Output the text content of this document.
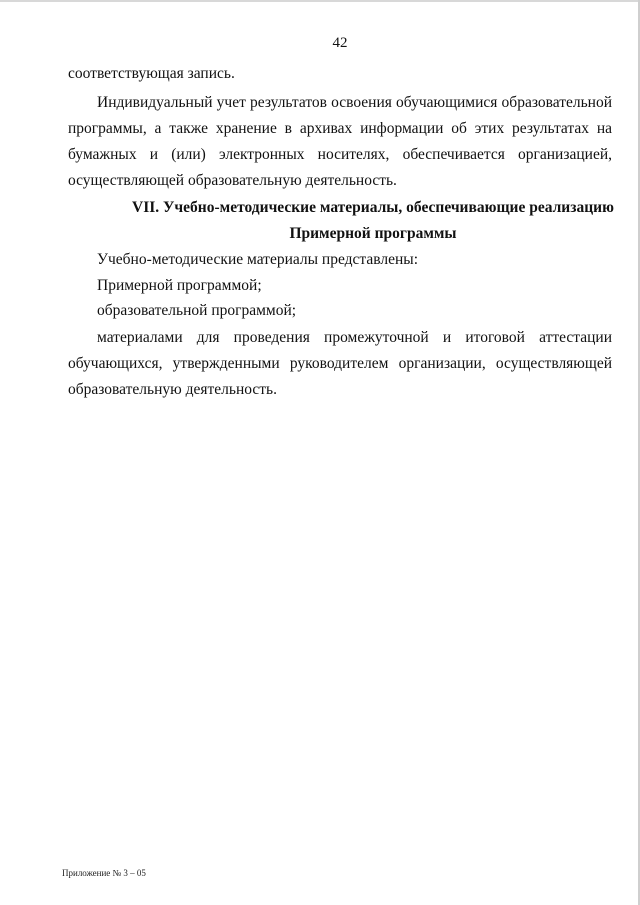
42
соответствующая запись.
Индивидуальный учет результатов освоения обучающимися образовательной
программы, а также хранение в архивах информации об этих результатах на
бумажных и (или) электронных носителях, обеспечивается организацией,
осуществляющей образовательную деятельность.
VII. Учебно-методические материалы, обеспечивающие реализацию
Примерной программы
Учебно-методические материалы представлены:
Примерной программой;
образовательной программой;
материалами для проведения промежуточной и итоговой аттестации
обучающихся, утвержденными руководителем организации, осуществляющей
образовательную деятельность.
Приложение № 3 – 05
